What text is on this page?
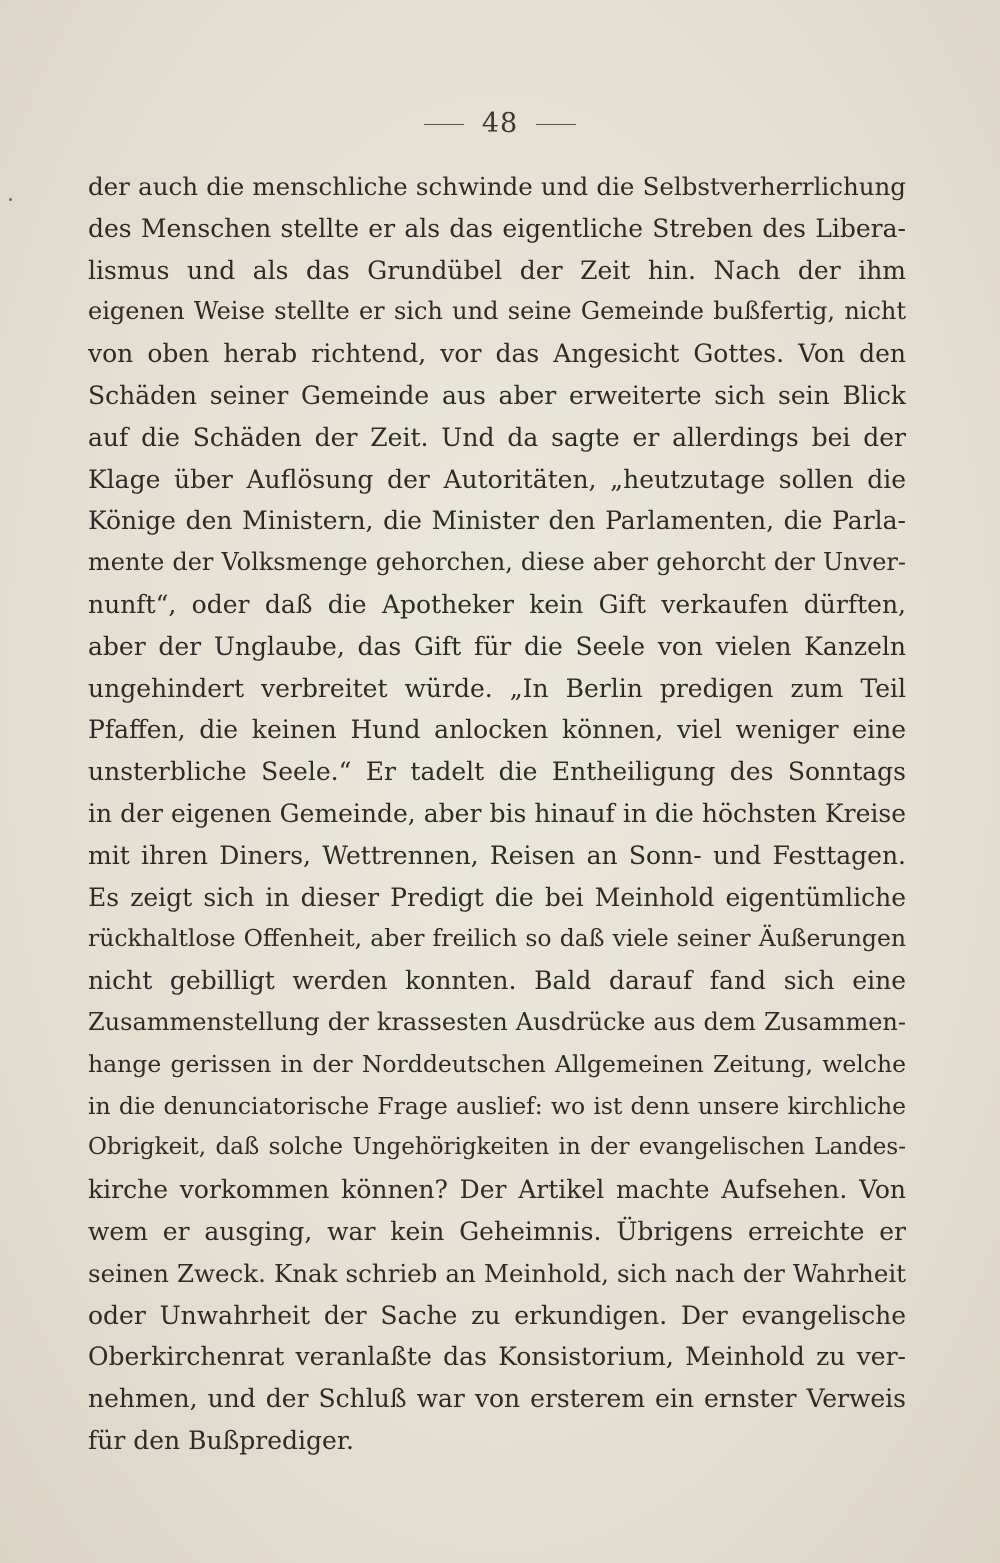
48
der auch die menschliche schwinde und die Selbstverherrlichung
des Menschen stellte er als das eigentliche Streben des Libera-
lismus und als das Grundübel der Zeit hin. Nach der ihm
eigenen Weise stellte er sich und seine Gemeinde bußfertig, nicht
von oben herab richtend, vor das Angesicht Gottes. Von den
Schäden seiner Gemeinde aus aber erweiterte sich sein Blick
auf die Schäden der Zeit. Und da sagte er allerdings bei der
Klage über Auflösung der Autoritäten, „heutzutage sollen die
Könige den Ministern, die Minister den Parlamenten, die Parla-
mente der Volksmenge gehorchen, diese aber gehorcht der Unver-
nunft“, oder daß die Apotheker kein Gift verkaufen dürften,
aber der Unglaube, das Gift für die Seele von vielen Kanzeln
ungehindert verbreitet würde. „In Berlin predigen zum Teil
Pfaffen, die keinen Hund anlocken können, viel weniger eine
unsterbliche Seele.“ Er tadelt die Entheiligung des Sonntags
in der eigenen Gemeinde, aber bis hinauf in die höchsten Kreise
mit ihren Diners, Wettrennen, Reisen an Sonn- und Festtagen.
Es zeigt sich in dieser Predigt die bei Meinhold eigentümliche
rückhaltlose Offenheit, aber freilich so daß viele seiner Äußerungen
nicht gebilligt werden konnten. Bald darauf fand sich eine
Zusammenstellung der krassesten Ausdrücke aus dem Zusammen-
hange gerissen in der Norddeutschen Allgemeinen Zeitung, welche
in die denunciatorische Frage auslief: wo ist denn unsere kirchliche
Obrigkeit, daß solche Ungehörigkeiten in der evangelischen Landes-
kirche vorkommen können? Der Artikel machte Aufsehen. Von
wem er ausging, war kein Geheimnis. Übrigens erreichte er
seinen Zweck. Knak schrieb an Meinhold, sich nach der Wahrheit
oder Unwahrheit der Sache zu erkundigen. Der evangelische
Oberkirchenrat veranlaßte das Konsistorium, Meinhold zu ver-
nehmen, und der Schluß war von ersterem ein ernster Verweis
für den Bußprediger.
